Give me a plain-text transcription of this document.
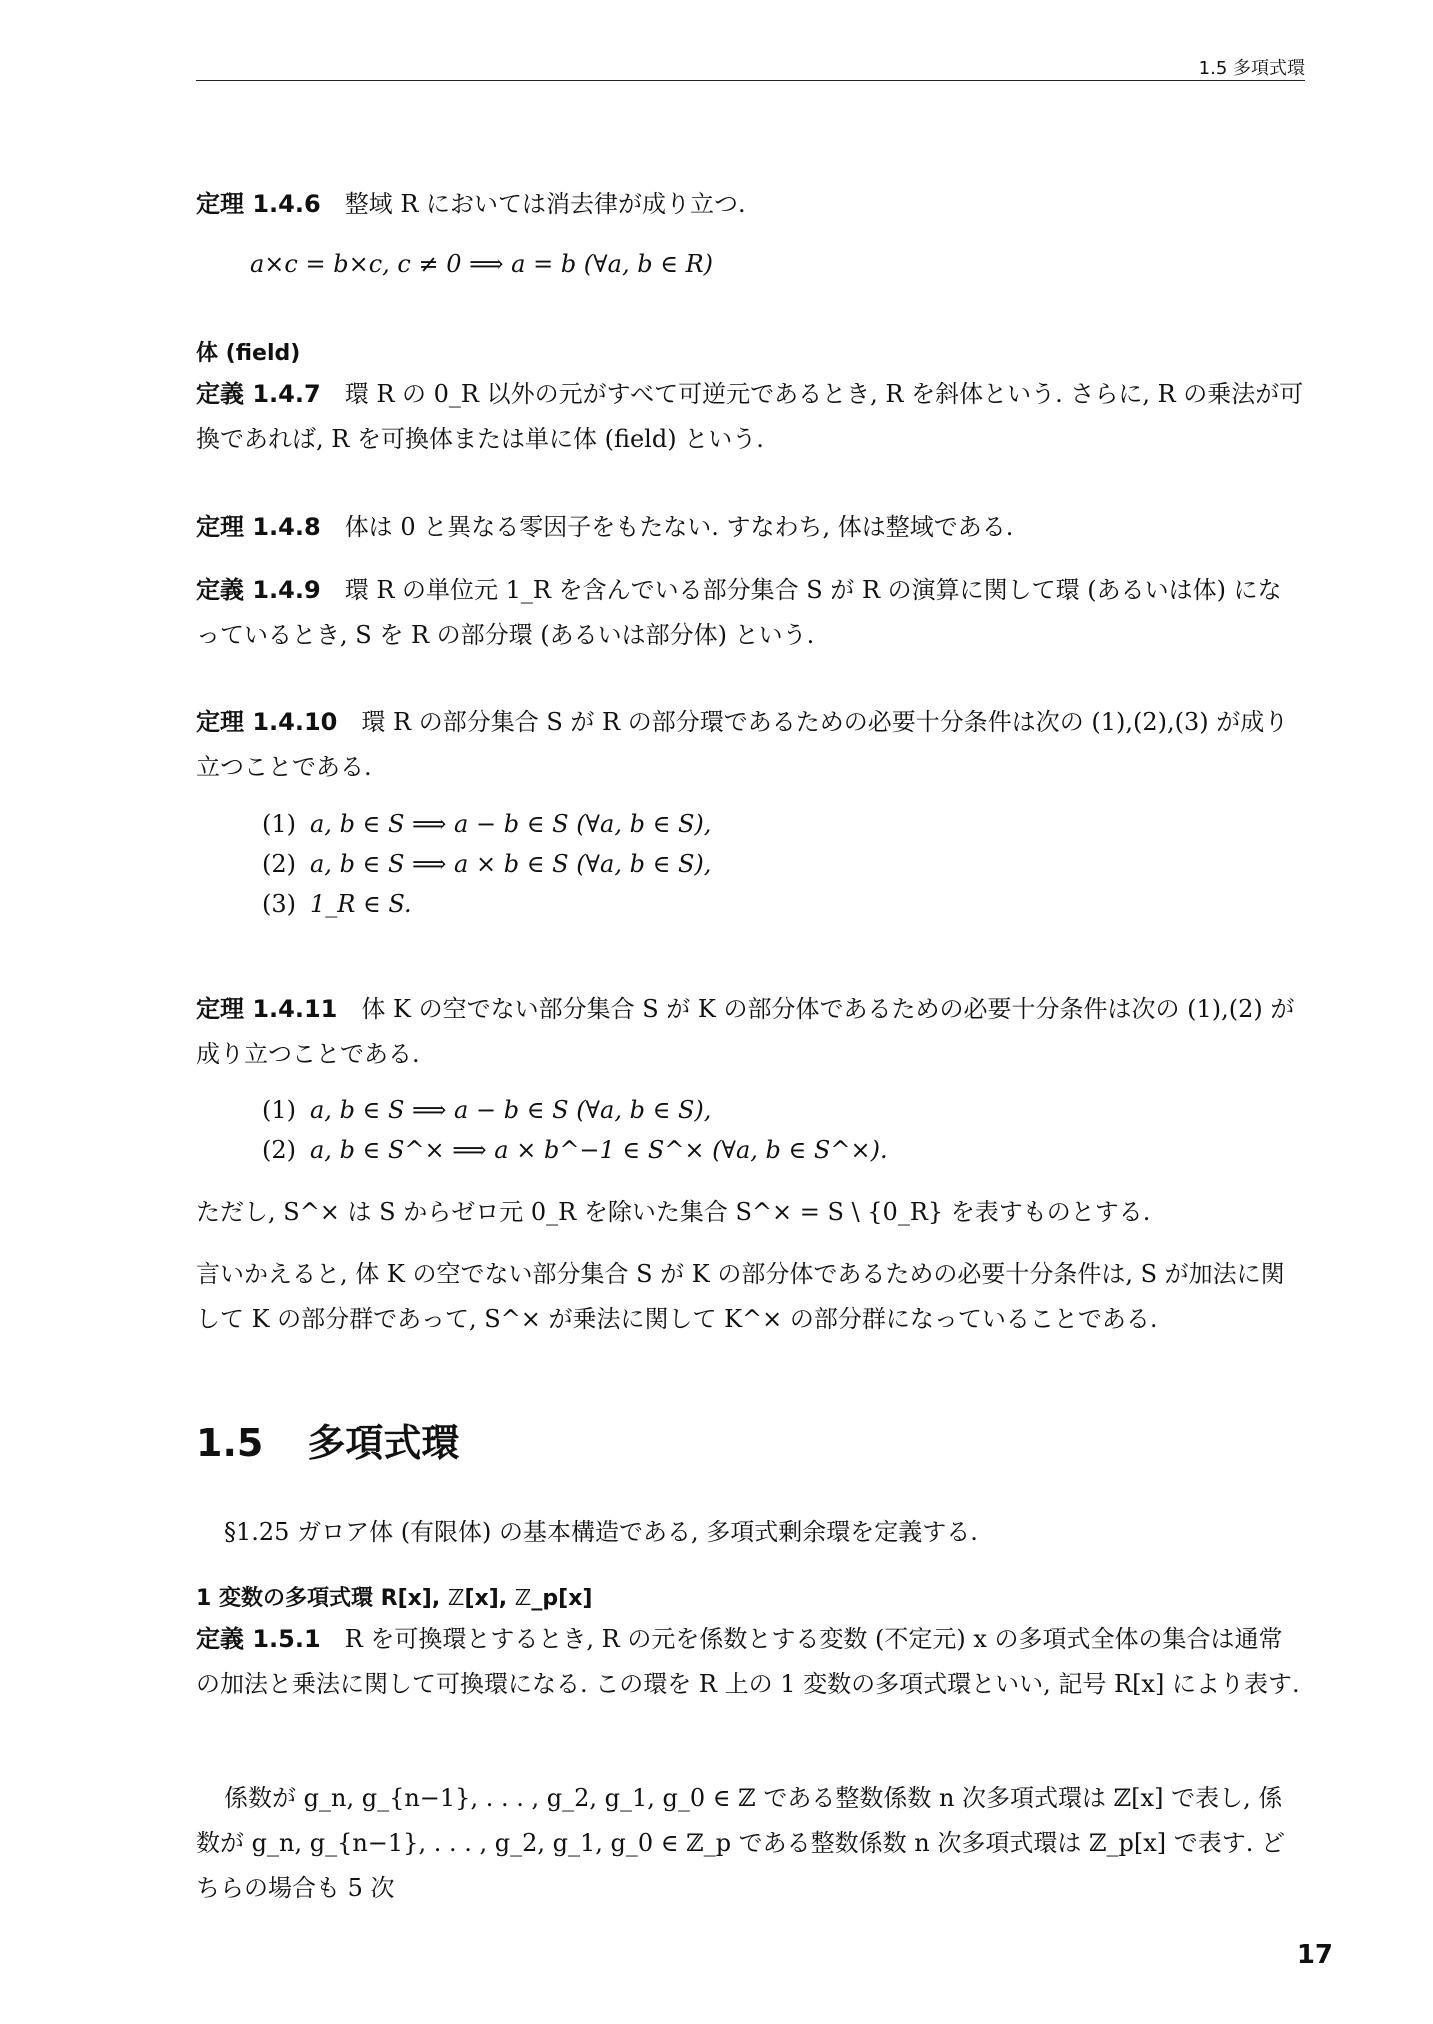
1.5 多項式環
定理 1.4.6 整域 R においては消去律が成り立つ.
a×c = b×c, c ≠ 0 ⟹ a = b (∀a, b ∈ R)
体 (field)
定義 1.4.7 環 R の 0_R 以外の元がすべて可逆元であるとき, R を斜体という. さらに, R の乗法が可換であれば, R を可換体または単に体 (field) という.
定理 1.4.8 体は 0 と異なる零因子をもたない. すなわち, 体は整域である.
定義 1.4.9 環 R の単位元 1_R を含んでいる部分集合 S が R の演算に関して環 (あるいは体) になっているとき, S を R の部分環 (あるいは部分体) という.
定理 1.4.10 環 R の部分集合 S が R の部分環であるための必要十分条件は次の (1),(2),(3) が成り立つことである.
(1) a, b ∈ S ⟹ a − b ∈ S (∀a, b ∈ S),
(2) a, b ∈ S ⟹ a × b ∈ S (∀a, b ∈ S),
(3) 1_R ∈ S.
定理 1.4.11 体 K の空でない部分集合 S が K の部分体であるための必要十分条件は次の (1),(2) が成り立つことである.
(1) a, b ∈ S ⟹ a − b ∈ S (∀a, b ∈ S),
(2) a, b ∈ S^× ⟹ a × b^−1 ∈ S^× (∀a, b ∈ S^×).
ただし, S^× は S からゼロ元 0_R を除いた集合 S^× = S \ {0_R} を表すものとする.
言いかえると, 体 K の空でない部分集合 S が K の部分体であるための必要十分条件は, S が加法に関して K の部分群であって, S^× が乗法に関して K^× の部分群になっていることである.
1.5 多項式環
§1.25 ガロア体 (有限体) の基本構造である, 多項式剰余環を定義する.
1 変数の多項式環 R[x], ℤ[x], ℤ_p[x]
定義 1.5.1 R を可換環とするとき, R の元を係数とする変数 (不定元) x の多項式全体の集合は通常の加法と乗法に関して可換環になる. この環を R 上の 1 変数の多項式環といい, 記号 R[x] により表す.
係数が g_n, g_{n−1}, . . . , g_2, g_1, g_0 ∈ ℤ である整数係数 n 次多項式環は ℤ[x] で表し, 係数が g_n, g_{n−1}, . . . , g_2, g_1, g_0 ∈ ℤ_p である整数係数 n 次多項式環は ℤ_p[x] で表す. どちらの場合も 5 次
17
